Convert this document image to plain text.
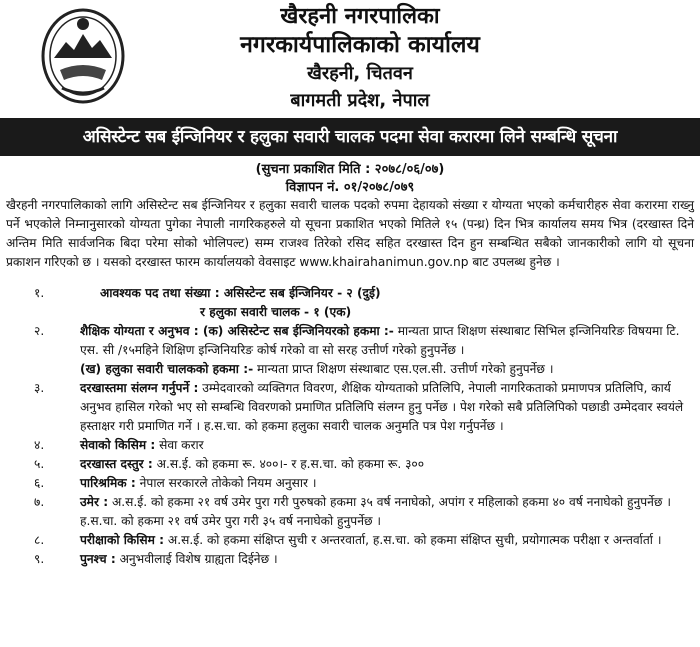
खैरहनी नगरपालिका
नगरकार्यपालिकाको कार्यालय
खैरहनी, चितवन
बागमती प्रदेश, नेपाल
असिस्टेन्ट सब ईन्जिनियर र हलुका सवारी चालक पदमा सेवा करारमा लिने सम्बन्धि सूचना
(सुचना प्रकाशित मिति : २०७८/०६/०७)
विज्ञापन नं. ०१/२०७८/०७९
खैरहनी नगरपालिकाको लागि असिस्टेन्ट सब ईन्जिनियर र हलुका सवारी चालक पदको रुपमा देहायको संख्या र योग्यता भएको कर्मचारीहरु सेवा करारमा राख्नु पर्ने भएकोले निम्नानुसारको योग्यता पुगेका नेपाली नागरिकहरुले यो सूचना प्रकाशित भएको मितिले १५ (पन्ध्र) दिन भित्र कार्यालय समय भित्र (दरखास्त दिने अन्तिम मिति सार्वजनिक बिदा परेमा सोको भोलिपल्ट) सम्म राजश्व तिरेको रसिद सहित दरखास्त दिन हुन सम्बन्धित सबैको जानकारीको लागि यो सूचना प्रकाशन गरिएको छ । यसको दरखास्त फारम कार्यालयको वेवसाइट www.khairahanimun.gov.np बाट उपलब्ध हुनेछ ।
१.	आवश्यक पद तथा संख्या : असिस्टेन्ट सब ईन्जिनियर - २ (दुई)
र हलुका सवारी चालक - १ (एक)
२.	शैक्षिक योग्यता र अनुभव : (क) असिस्टेन्ट सब ईन्जिनियरको हकमा :- मान्यता प्राप्त शिक्षण संस्थाबाट सिभिल इन्जिनियरिङ विषयमा टि. एस. सी /१५महिने शिक्षिण इन्जिनियरिङ कोर्ष गरेको वा सो सरह उत्तीर्ण गरेको हुनुपर्नेछ ।
(ख) हलुका सवारी चालकको हकमा :- मान्यता प्राप्त शिक्षण संस्थाबाट एस.एल.सी. उत्तीर्ण गरेको हुनुपर्नेछ ।
३.	दरखास्तमा संलग्न गर्नुपर्ने : उम्मेदवारको व्यक्तिगत विवरण, शैक्षिक योग्यताको प्रतिलिपि, नेपाली नागरिकताको प्रमाणपत्र प्रतिलिपि, कार्य अनुभव हासिल गरेको भए सो सम्बन्धि विवरणको प्रमाणित प्रतिलिपि संलग्न हुनु पर्नेछ । पेश गरेको सबै प्रतिलिपिको पछाडी उम्मेदवार स्वयंले हस्ताक्षर गरी प्रमाणित गर्ने । ह.स.चा. को हकमा हलुका सवारी चालक अनुमति पत्र पेश गर्नुपर्नेछ ।
४.	सेवाको किसिम : सेवा करार
५.	दरखास्त दस्तुर : अ.स.ई. को हकमा रू. ४००।- र ह.स.चा. को हकमा रू. ३००
६.	पारिश्रमिक : नेपाल सरकारले तोकेको नियम अनुसार ।
७.	उमेर : अ.स.ई. को हकमा २१ वर्ष उमेर पुरा गरी पुरुषको हकमा ३५ वर्ष ननाघेको, अपांग र महिलाको हकमा ४० वर्ष ननाघेको हुनुपर्नेछ । ह.स.चा. को हकमा २१ वर्ष उमेर पुरा गरी ३५ वर्ष ननाघेको हुनुपर्नेछ ।
८.	परीक्षाको किसिम : अ.स.ई. को हकमा संक्षिप्त सुची र अन्तरवार्ता, ह.स.चा. को हकमा संक्षिप्त सुची, प्रयोगात्मक परीक्षा र अन्तर्वार्ता ।
९.	पुनश्च : अनुभवीलाई विशेष ग्राह्यता दिईनेछ ।
